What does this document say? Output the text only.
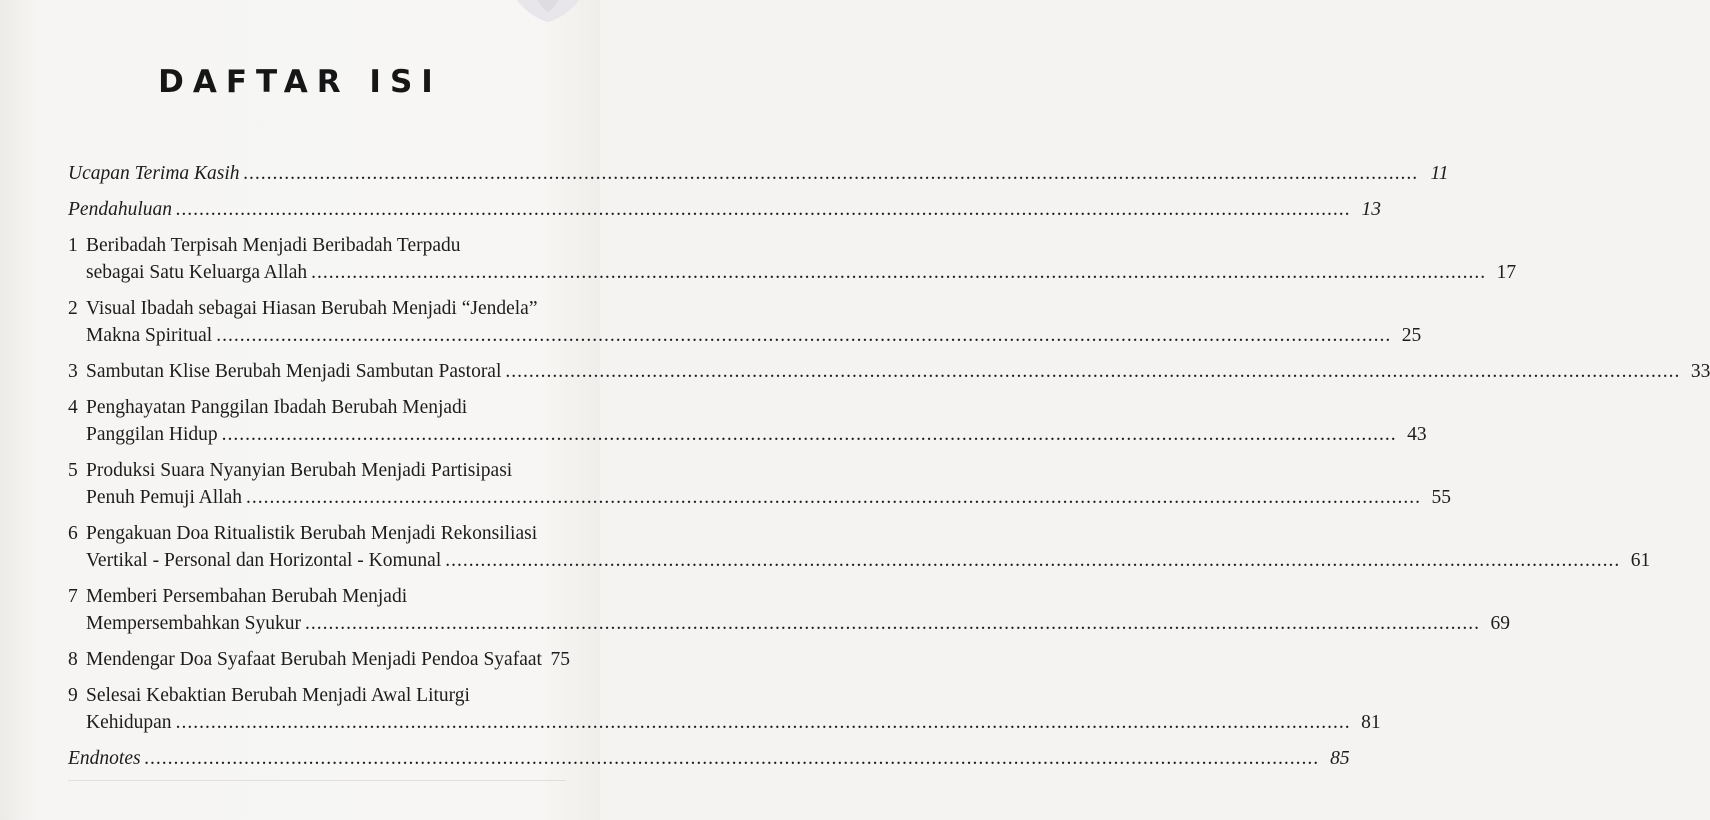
DAFTAR ISI
Ucapan Terima Kasih ........................................................................................................................................................................................................ 11
Pendahuluan ........................................................................................................................................................................................................ 13
1 Beribadah Terpisah Menjadi Beribadah Terpadu
sebagai Satu Keluarga Allah ........................................................................................................................................................................................................ 17
2 Visual Ibadah sebagai Hiasan Berubah Menjadi “Jendela”
Makna Spiritual ........................................................................................................................................................................................................ 25
3 Sambutan Klise Berubah Menjadi Sambutan Pastoral ........................................................................................................................................................................................................ 33
4 Penghayatan Panggilan Ibadah Berubah Menjadi
Panggilan Hidup ........................................................................................................................................................................................................ 43
5 Produksi Suara Nyanyian Berubah Menjadi Partisipasi
Penuh Pemuji Allah ........................................................................................................................................................................................................ 55
6 Pengakuan Doa Ritualistik Berubah Menjadi Rekonsiliasi
Vertikal - Personal dan Horizontal - Komunal ........................................................................................................................................................................................................ 61
7 Memberi Persembahan Berubah Menjadi
Mempersembahkan Syukur ........................................................................................................................................................................................................ 69
8 Mendengar Doa Syafaat Berubah Menjadi Pendoa Syafaat 75
9 Selesai Kebaktian Berubah Menjadi Awal Liturgi
Kehidupan ........................................................................................................................................................................................................ 81
Endnotes ........................................................................................................................................................................................................ 85
